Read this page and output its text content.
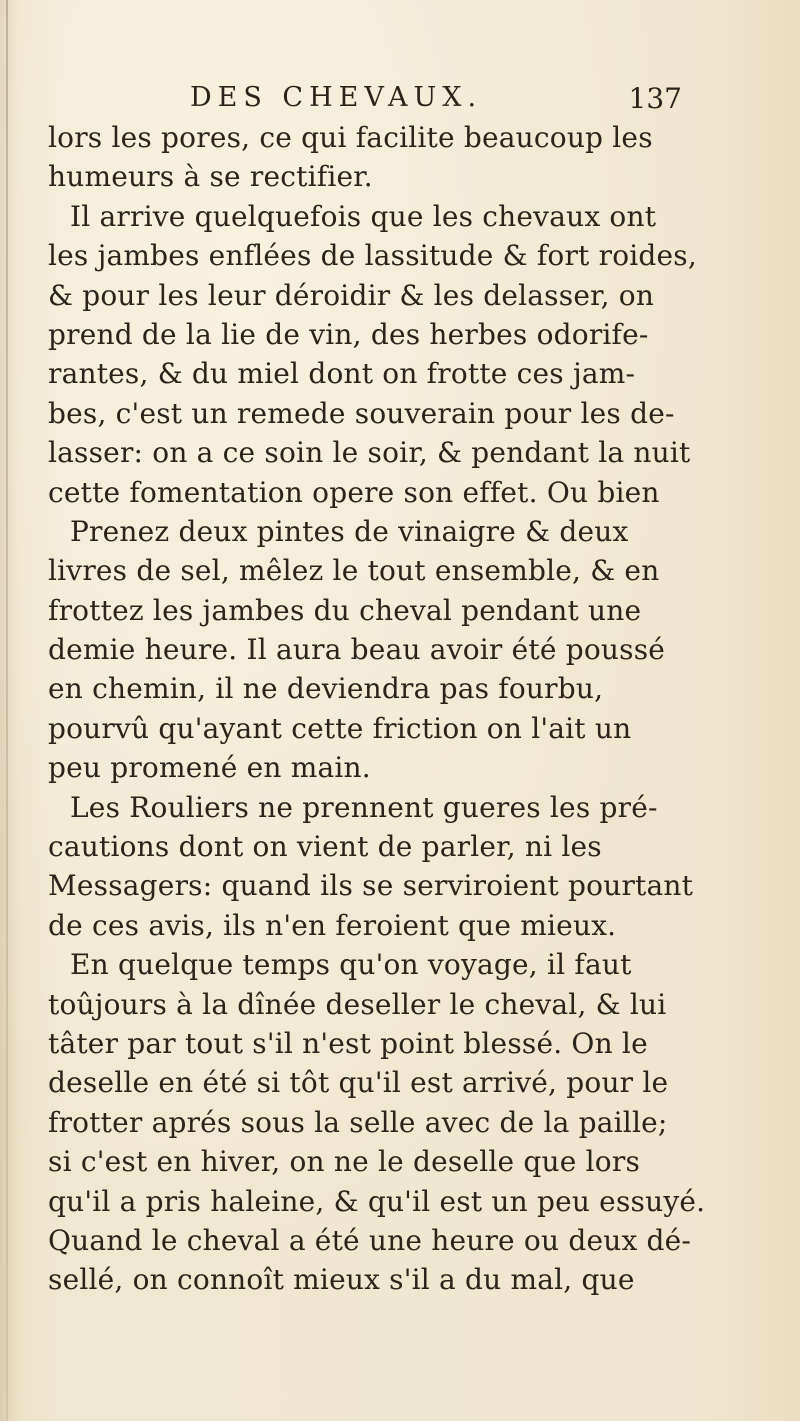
DES CHEVAUX.	137
lors les pores, ce qui facilite beaucoup les
humeurs à se rectifier.
Il arrive quelquefois que les chevaux ont
les jambes enflées de lassitude & fort roides,
& pour les leur déroidir & les delasser, on
prend de la lie de vin, des herbes odorife-
rantes, & du miel dont on frotte ces jam-
bes, c'est un remede souverain pour les de-
lasser: on a ce soin le soir, & pendant la nuit
cette fomentation opere son effet. Ou bien
Prenez deux pintes de vinaigre & deux
livres de sel, mêlez le tout ensemble, & en
frottez les jambes du cheval pendant une
demie heure. Il aura beau avoir été poussé
en chemin, il ne deviendra pas fourbu,
pourvû qu'ayant cette friction on l'ait un
peu promené en main.
Les Rouliers ne prennent gueres les pré-
cautions dont on vient de parler, ni les
Messagers: quand ils se serviroient pourtant
de ces avis, ils n'en feroient que mieux.
En quelque temps qu'on voyage, il faut
toûjours à la dînée deseller le cheval, & lui
tâter par tout s'il n'est point blessé. On le
deselle en été si tôt qu'il est arrivé, pour le
frotter aprés sous la selle avec de la paille;
si c'est en hiver, on ne le deselle que lors
qu'il a pris haleine, & qu'il est un peu essuyé.
Quand le cheval a été une heure ou deux dé-
sellé, on connoît mieux s'il a du mal, que
